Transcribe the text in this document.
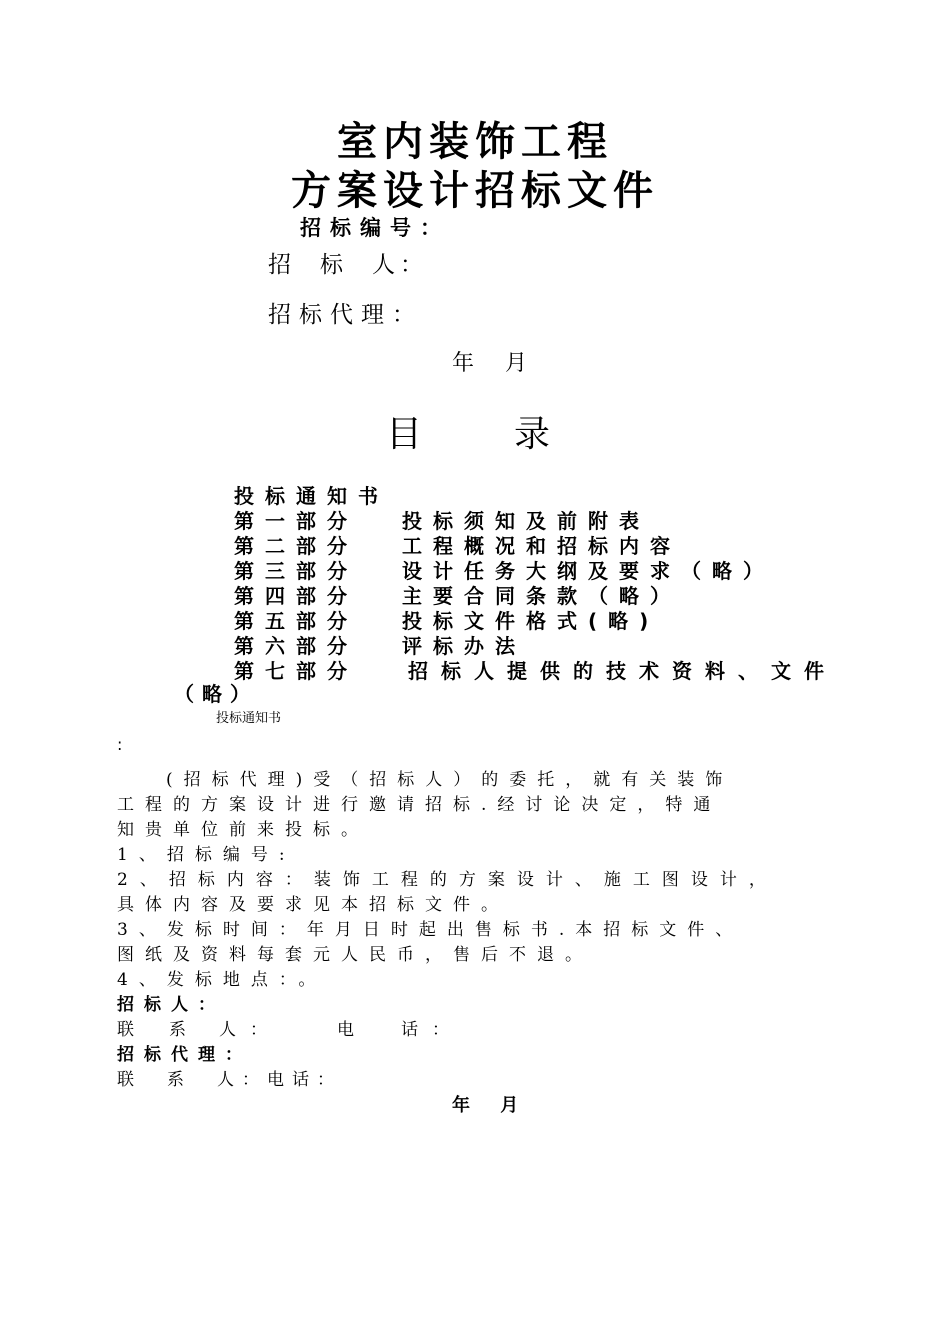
室内装饰工程
方案设计招标文件
招标编号：
招 标 人：
招标代理：
年 月
目	录
投标通知书
第一部分 投标须知及前附表
第二部分 工程概况和招标内容
第三部分 设计任务大纲及要求（略）
第四部分 主要合同条款（略）
第五部分 投标文件格式(略)
第六部分 评标办法
第七部分	招标人提供的技术资料、文件
（略）
投标通知书
:
(招标代理)受（招标人）的委托，就有关装饰
工程的方案设计进行邀请招标.经讨论决定，特通
知贵单位前来投标。
1、招标编号:
2、招标内容：装饰工程的方案设计、施工图设计，
具体内容及要求见本招标文件。
3、发标时间：年月日时起出售标书.本招标文件、
图纸及资料每套元人民币，售后不退。
4、发标地点：。
招标人：
联 系 人：	电	话：
招标代理：
联　系　人：电话：
年 月
